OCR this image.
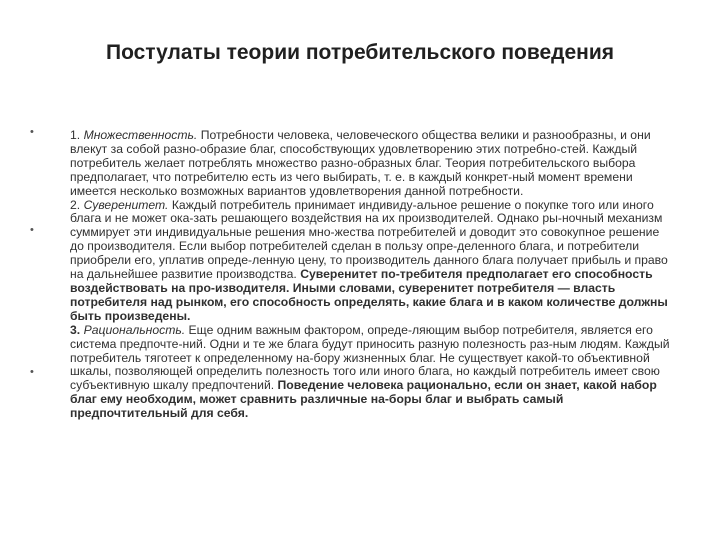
Постулаты теории потребительского поведения
•
•
•

1. Множественность. Потребности человека, человеческого общества велики и разнообразны, и они влекут за собой разно-образие благ, способствующих удовлетворению этих потребно-стей. Каждый потребитель желает потреблять множество разно-образных благ. Теория потребительского выбора предполагает, что потребителю есть из чего выбирать, т. е. в каждый конкрет-ный момент времени имеется несколько возможных вариантов удовлетворения данной потребности.

2. Суверенитет. Каждый потребитель принимает индивиду-альное решение о покупке того или иного блага и не может ока-зать решающего воздействия на их производителей. Однако ры-ночный механизм суммирует эти индивидуальные решения мно-жества потребителей и доводит это совокупное решение до производителя. Если выбор потребителей сделан в пользу опре-деленного блага, и потребители приобрели его, уплатив опреде-ленную цену, то производитель данного блага получает прибыль и право на дальнейшее развитие производства. Суверенитет по-требителя предполагает его способность воздействовать на про-изводителя. Иными словами, суверенитет потребителя — власть потребителя над рынком, его способность определять, какие блага и в каком количестве должны быть произведены.

3. Рациональность. Еще одним важным фактором, опреде-ляющим выбор потребителя, является его система предпочте-ний. Одни и те же блага будут приносить разную полезность раз-ным людям. Каждый потребитель тяготеет к определенному на-бору жизненных благ. Не существует какой-то объективной шкалы, позволяющей определить полезность того или иного блага, но каждый потребитель имеет свою субъективную шкалу предпочтений. Поведение человека рационально, если он знает, какой набор благ ему необходим, может сравнить различные на-боры благ и выбрать самый предпочтительный для себя.
